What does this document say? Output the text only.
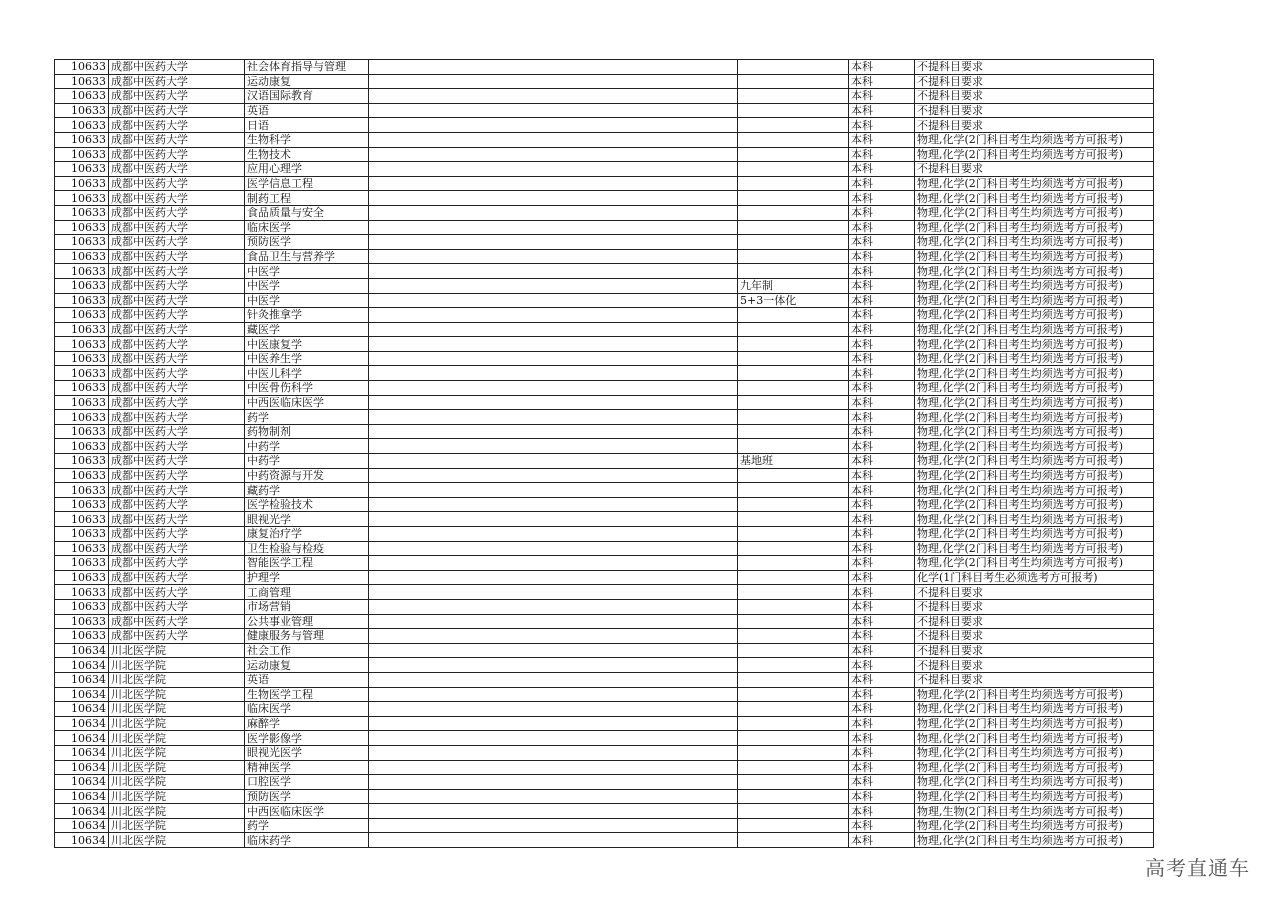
10633	成都中医药大学	社会体育指导与管理			本科	不提科目要求
10633	成都中医药大学	运动康复			本科	不提科目要求
10633	成都中医药大学	汉语国际教育			本科	不提科目要求
10633	成都中医药大学	英语			本科	不提科目要求
10633	成都中医药大学	日语			本科	不提科目要求
10633	成都中医药大学	生物科学			本科	物理,化学(2门科目考生均须选考方可报考)
10633	成都中医药大学	生物技术			本科	物理,化学(2门科目考生均须选考方可报考)
10633	成都中医药大学	应用心理学			本科	不提科目要求
10633	成都中医药大学	医学信息工程			本科	物理,化学(2门科目考生均须选考方可报考)
10633	成都中医药大学	制药工程			本科	物理,化学(2门科目考生均须选考方可报考)
10633	成都中医药大学	食品质量与安全			本科	物理,化学(2门科目考生均须选考方可报考)
10633	成都中医药大学	临床医学			本科	物理,化学(2门科目考生均须选考方可报考)
10633	成都中医药大学	预防医学			本科	物理,化学(2门科目考生均须选考方可报考)
10633	成都中医药大学	食品卫生与营养学			本科	物理,化学(2门科目考生均须选考方可报考)
10633	成都中医药大学	中医学			本科	物理,化学(2门科目考生均须选考方可报考)
10633	成都中医药大学	中医学		九年制	本科	物理,化学(2门科目考生均须选考方可报考)
10633	成都中医药大学	中医学		5+3一体化	本科	物理,化学(2门科目考生均须选考方可报考)
10633	成都中医药大学	针灸推拿学			本科	物理,化学(2门科目考生均须选考方可报考)
10633	成都中医药大学	藏医学			本科	物理,化学(2门科目考生均须选考方可报考)
10633	成都中医药大学	中医康复学			本科	物理,化学(2门科目考生均须选考方可报考)
10633	成都中医药大学	中医养生学			本科	物理,化学(2门科目考生均须选考方可报考)
10633	成都中医药大学	中医儿科学			本科	物理,化学(2门科目考生均须选考方可报考)
10633	成都中医药大学	中医骨伤科学			本科	物理,化学(2门科目考生均须选考方可报考)
10633	成都中医药大学	中西医临床医学			本科	物理,化学(2门科目考生均须选考方可报考)
10633	成都中医药大学	药学			本科	物理,化学(2门科目考生均须选考方可报考)
10633	成都中医药大学	药物制剂			本科	物理,化学(2门科目考生均须选考方可报考)
10633	成都中医药大学	中药学			本科	物理,化学(2门科目考生均须选考方可报考)
10633	成都中医药大学	中药学		基地班	本科	物理,化学(2门科目考生均须选考方可报考)
10633	成都中医药大学	中药资源与开发			本科	物理,化学(2门科目考生均须选考方可报考)
10633	成都中医药大学	藏药学			本科	物理,化学(2门科目考生均须选考方可报考)
10633	成都中医药大学	医学检验技术			本科	物理,化学(2门科目考生均须选考方可报考)
10633	成都中医药大学	眼视光学			本科	物理,化学(2门科目考生均须选考方可报考)
10633	成都中医药大学	康复治疗学			本科	物理,化学(2门科目考生均须选考方可报考)
10633	成都中医药大学	卫生检验与检疫			本科	物理,化学(2门科目考生均须选考方可报考)
10633	成都中医药大学	智能医学工程			本科	物理,化学(2门科目考生均须选考方可报考)
10633	成都中医药大学	护理学			本科	化学(1门科目考生必须选考方可报考)
10633	成都中医药大学	工商管理			本科	不提科目要求
10633	成都中医药大学	市场营销			本科	不提科目要求
10633	成都中医药大学	公共事业管理			本科	不提科目要求
10633	成都中医药大学	健康服务与管理			本科	不提科目要求
10634	川北医学院	社会工作			本科	不提科目要求
10634	川北医学院	运动康复			本科	不提科目要求
10634	川北医学院	英语			本科	不提科目要求
10634	川北医学院	生物医学工程			本科	物理,化学(2门科目考生均须选考方可报考)
10634	川北医学院	临床医学			本科	物理,化学(2门科目考生均须选考方可报考)
10634	川北医学院	麻醉学			本科	物理,化学(2门科目考生均须选考方可报考)
10634	川北医学院	医学影像学			本科	物理,化学(2门科目考生均须选考方可报考)
10634	川北医学院	眼视光医学			本科	物理,化学(2门科目考生均须选考方可报考)
10634	川北医学院	精神医学			本科	物理,化学(2门科目考生均须选考方可报考)
10634	川北医学院	口腔医学			本科	物理,化学(2门科目考生均须选考方可报考)
10634	川北医学院	预防医学			本科	物理,化学(2门科目考生均须选考方可报考)
10634	川北医学院	中西医临床医学			本科	物理,生物(2门科目考生均须选考方可报考)
10634	川北医学院	药学			本科	物理,化学(2门科目考生均须选考方可报考)
10634	川北医学院	临床药学			本科	物理,化学(2门科目考生均须选考方可报考)
高考直通车
